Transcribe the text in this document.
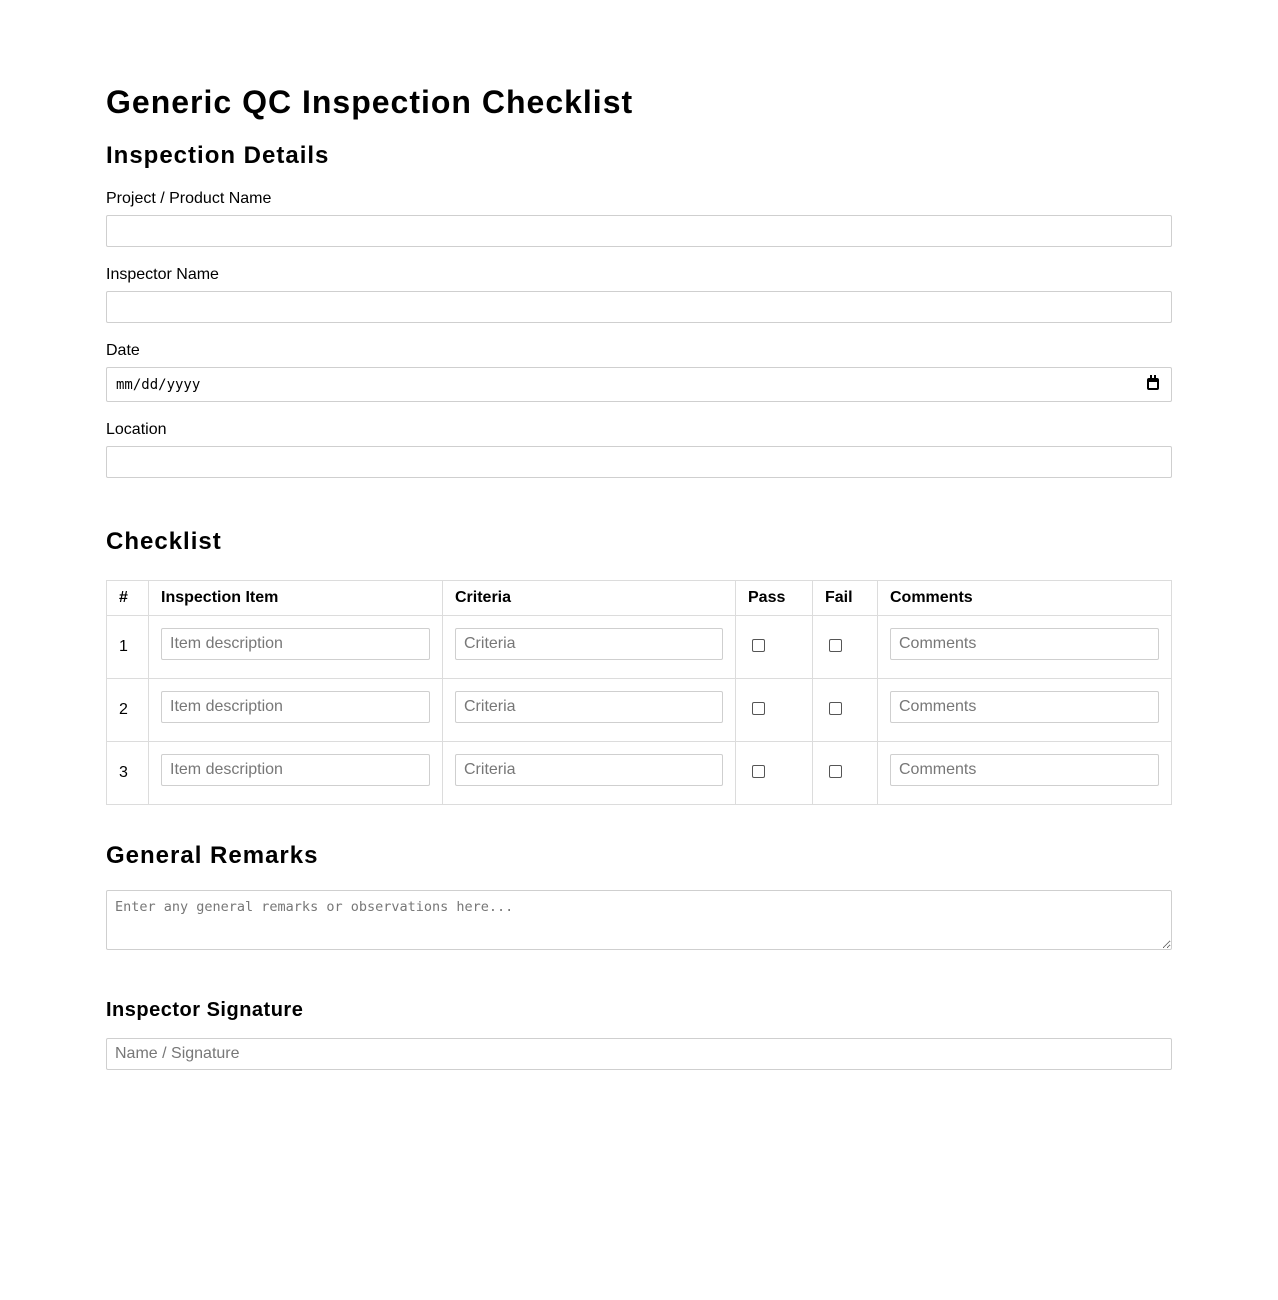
Generic QC Inspection Checklist
Inspection Details
Project / Product Name
Inspector Name
Date
mm/dd/yyyy
Location
Checklist
#	Inspection Item	Criteria	Pass	Fail	Comments
1	Item description	Criteria			Comments
2	Item description	Criteria			Comments
3	Item description	Criteria			Comments
General Remarks
Enter any general remarks or observations here...
Inspector Signature
Name / Signature
